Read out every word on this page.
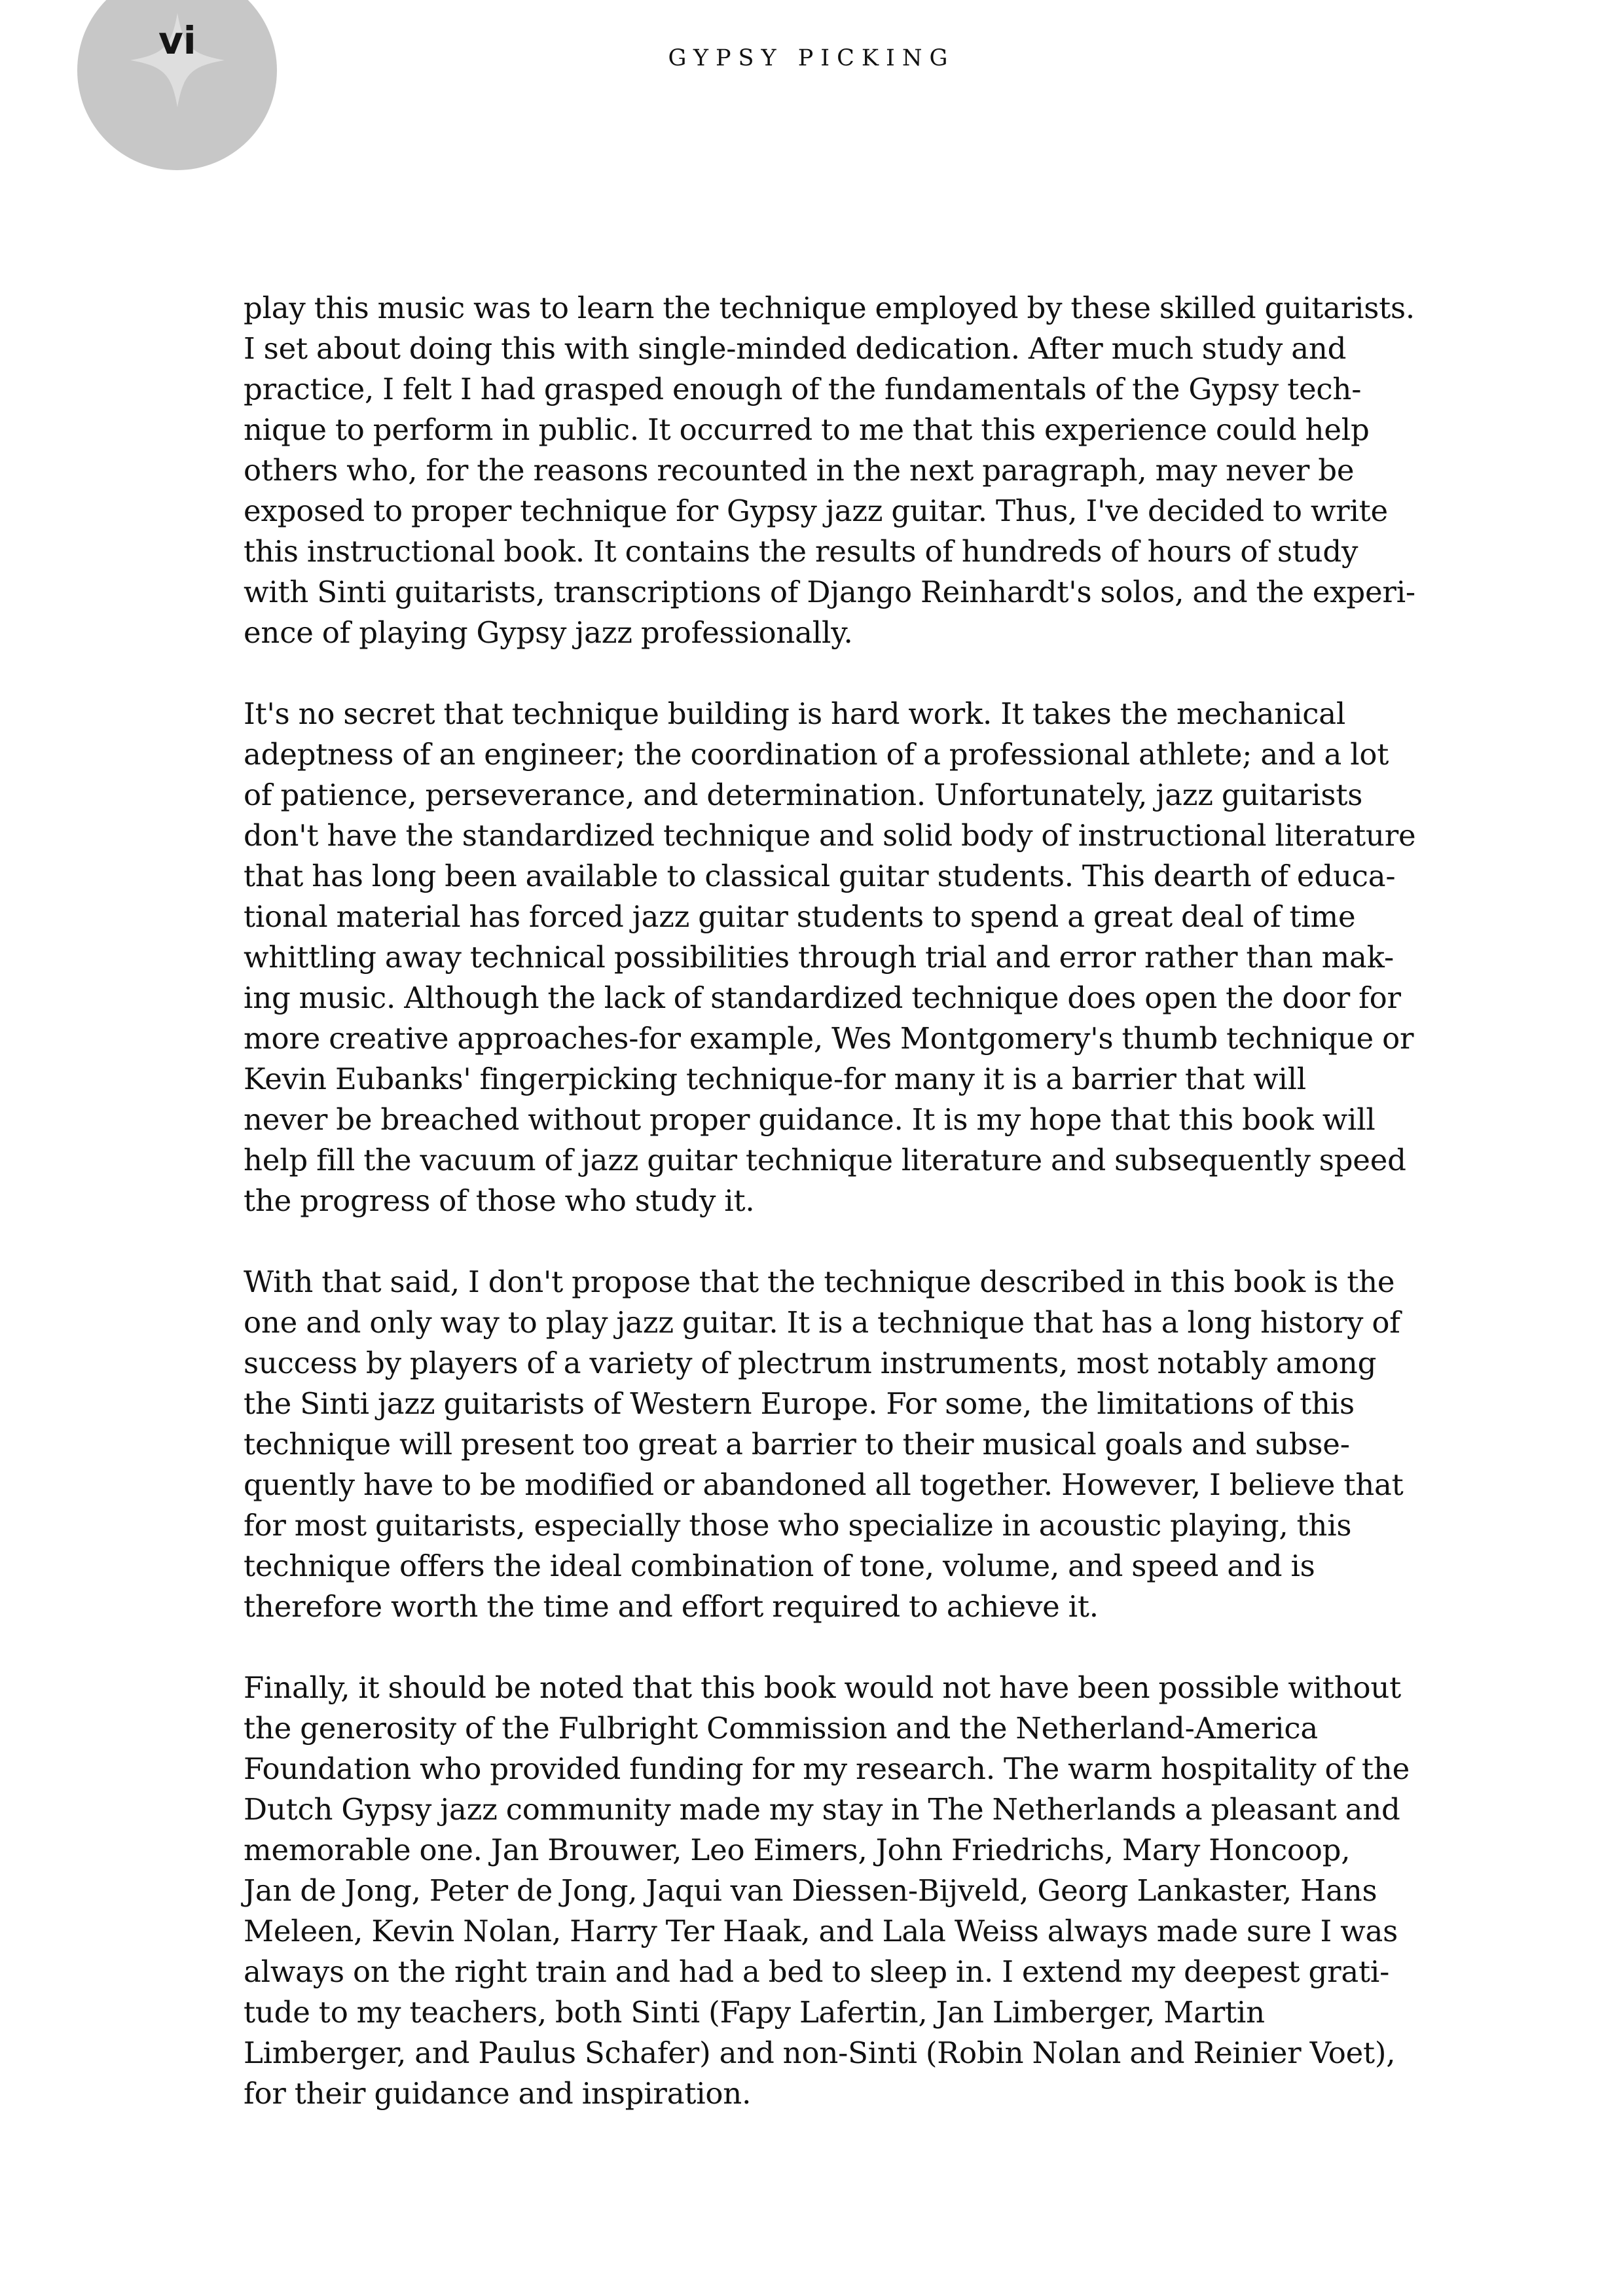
vi	GYPSY PICKING

play this music was to learn the technique employed by these skilled guitarists.
I set about doing this with single-minded dedication. After much study and
practice, I felt I had grasped enough of the fundamentals of the Gypsy tech-
nique to perform in public. It occurred to me that this experience could help
others who, for the reasons recounted in the next paragraph, may never be
exposed to proper technique for Gypsy jazz guitar. Thus, I've decided to write
this instructional book. It contains the results of hundreds of hours of study
with Sinti guitarists, transcriptions of Django Reinhardt's solos, and the experi-
ence of playing Gypsy jazz professionally.

It's no secret that technique building is hard work. It takes the mechanical
adeptness of an engineer; the coordination of a professional athlete; and a lot
of patience, perseverance, and determination. Unfortunately, jazz guitarists
don't have the standardized technique and solid body of instructional literature
that has long been available to classical guitar students. This dearth of educa-
tional material has forced jazz guitar students to spend a great deal of time
whittling away technical possibilities through trial and error rather than mak-
ing music. Although the lack of standardized technique does open the door for
more creative approaches-for example, Wes Montgomery's thumb technique or
Kevin Eubanks' fingerpicking technique-for many it is a barrier that will
never be breached without proper guidance. It is my hope that this book will
help fill the vacuum of jazz guitar technique literature and subsequently speed
the progress of those who study it.

With that said, I don't propose that the technique described in this book is the
one and only way to play jazz guitar. It is a technique that has a long history of
success by players of a variety of plectrum instruments, most notably among
the Sinti jazz guitarists of Western Europe. For some, the limitations of this
technique will present too great a barrier to their musical goals and subse-
quently have to be modified or abandoned all together. However, I believe that
for most guitarists, especially those who specialize in acoustic playing, this
technique offers the ideal combination of tone, volume, and speed and is
therefore worth the time and effort required to achieve it.

Finally, it should be noted that this book would not have been possible without
the generosity of the Fulbright Commission and the Netherland-America
Foundation who provided funding for my research. The warm hospitality of the
Dutch Gypsy jazz community made my stay in The Netherlands a pleasant and
memorable one. Jan Brouwer, Leo Eimers, John Friedrichs, Mary Honcoop,
Jan de Jong, Peter de Jong, Jaqui van Diessen-Bijveld, Georg Lankaster, Hans
Meleen, Kevin Nolan, Harry Ter Haak, and Lala Weiss always made sure I was
always on the right train and had a bed to sleep in. I extend my deepest grati-
tude to my teachers, both Sinti (Fapy Lafertin, Jan Limberger, Martin
Limberger, and Paulus Schafer) and non-Sinti (Robin Nolan and Reinier Voet),
for their guidance and inspiration.
